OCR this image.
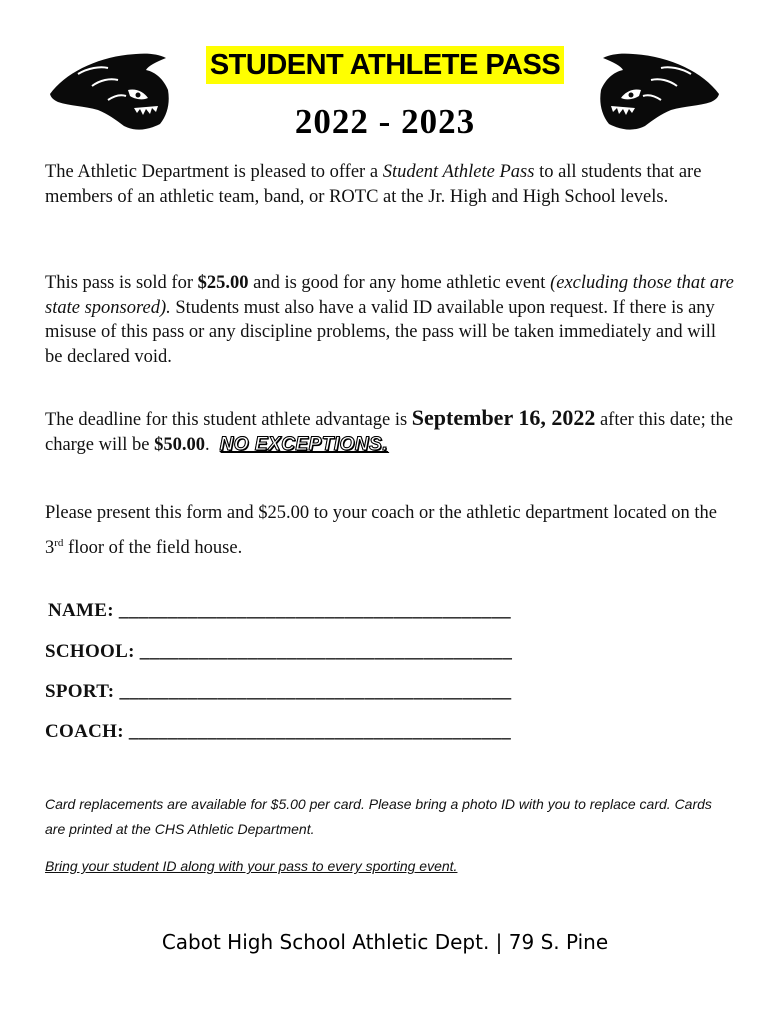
STUDENT ATHLETE PASS
2022 - 2023

The Athletic Department is pleased to offer a Student Athlete Pass to all students that are members of an athletic team, band, or ROTC at the Jr. High and High School levels.

This pass is sold for $25.00 and is good for any home athletic event (excluding those that are state sponsored). Students must also have a valid ID available upon request. If there is any misuse of this pass or any discipline problems, the pass will be taken immediately and will be declared void.

The deadline for this student athlete advantage is September 16, 2022 after this date; the charge will be $50.00. NO EXCEPTIONS.

Please present this form and $25.00 to your coach or the athletic department located on the 3rd floor of the field house.

NAME: ________________________________________
SCHOOL: ______________________________________
SPORT: ________________________________________
COACH: _______________________________________

Card replacements are available for $5.00 per card. Please bring a photo ID with you to replace card. Cards are printed at the CHS Athletic Department.

Bring your student ID along with your pass to every sporting event.

Cabot High School Athletic Dept. | 79 S. Pine
